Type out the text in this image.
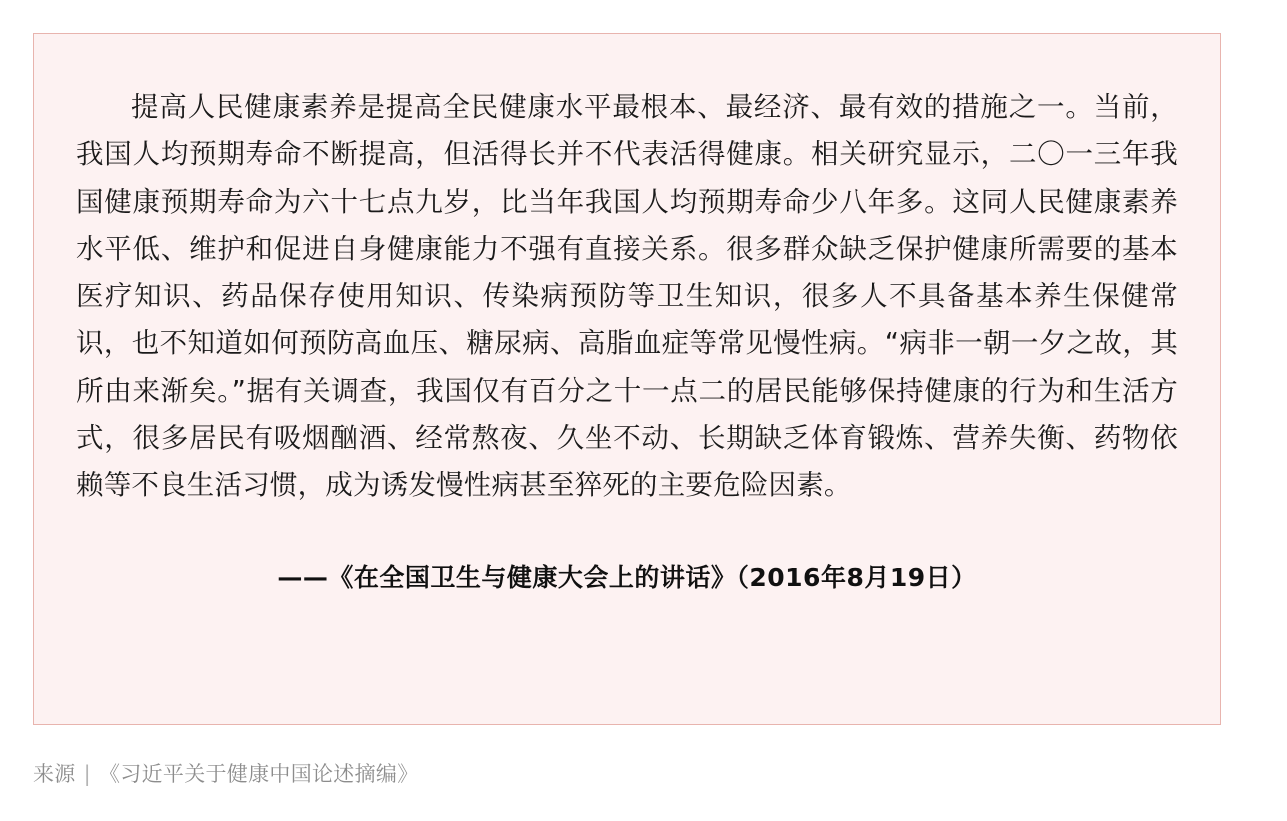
提高人民健康素养是提高全民健康水平最根本、最经济、最有效的措施之一。当前，我国人均预期寿命不断提高，但活得长并不代表活得健康。相关研究显示，二〇一三年我国健康预期寿命为六十七点九岁，比当年我国人均预期寿命少八年多。这同人民健康素养水平低、维护和促进自身健康能力不强有直接关系。很多群众缺乏保护健康所需要的基本医疗知识、药品保存使用知识、传染病预防等卫生知识，很多人不具备基本养生保健常识，也不知道如何预防高血压、糖尿病、高脂血症等常见慢性病。“病非一朝一夕之故，其所由来渐矣。”据有关调查，我国仅有百分之十一点二的居民能够保持健康的行为和生活方式，很多居民有吸烟酗酒、经常熬夜、久坐不动、长期缺乏体育锻炼、营养失衡、药物依赖等不良生活习惯，成为诱发慢性病甚至猝死的主要危险因素。

——《在全国卫生与健康大会上的讲话》（2016年8月19日）
来源 | 《习近平关于健康中国论述摘编》
